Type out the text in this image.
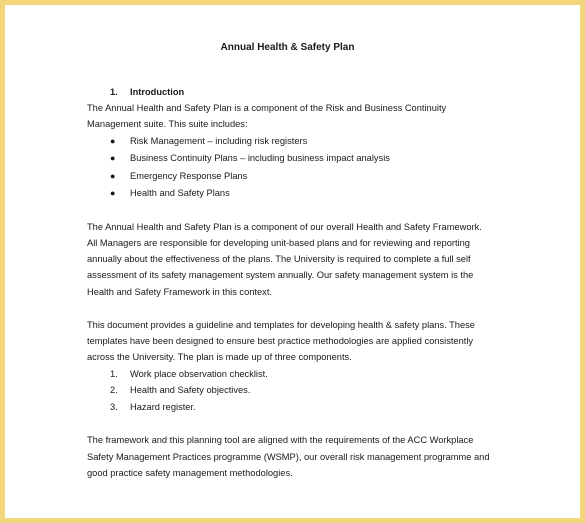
Annual Health & Safety Plan
1. Introduction
The Annual Health and Safety Plan is a component of the Risk and Business Continuity
Management suite. This suite includes:
● Risk Management – including risk registers
● Business Continuity Plans – including business impact analysis
● Emergency Response Plans
● Health and Safety Plans
The Annual Health and Safety Plan is a component of our overall Health and Safety Framework.
All Managers are responsible for developing unit-based plans and for reviewing and reporting
annually about the effectiveness of the plans. The University is required to complete a full self
assessment of its safety management system annually. Our safety management system is the
Health and Safety Framework in this context.
This document provides a guideline and templates for developing health & safety plans. These
templates have been designed to ensure best practice methodologies are applied consistently
across the University. The plan is made up of three components.
1. Work place observation checklist.
2. Health and Safety objectives.
3. Hazard register.
The framework and this planning tool are aligned with the requirements of the ACC Workplace
Safety Management Practices programme (WSMP), our overall risk management programme and
good practice safety management methodologies.
